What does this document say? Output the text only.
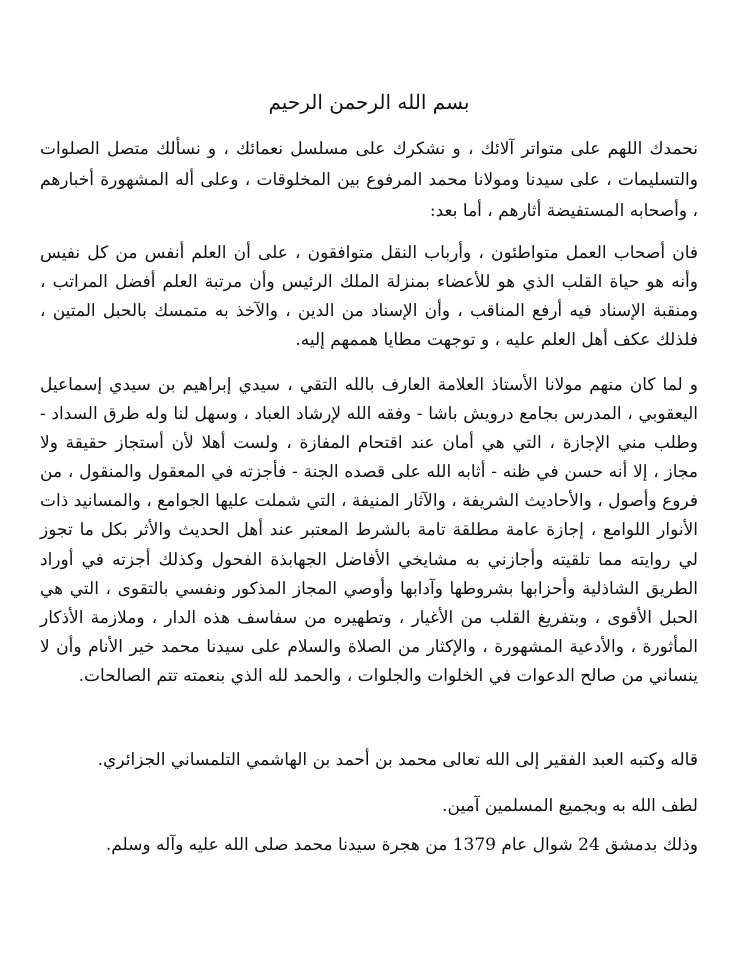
بسم الله الرحمن الرحيم
نحمدك اللهم على متواتر آلائك ، و نشكرك على مسلسل نعمائك ، و نسألك متصل الصلوات والتسليمات ، على سيدنا ومولانا محمد المرفوع بين المخلوقات ، وعلى أله المشهورة أخبارهم ، وأصحابه المستفيضة أثارهم ، أما بعد:
فان أصحاب العمل متواطئون ، وأرباب النقل متوافقون ، على أن العلم أنفس من كل نفيس وأنه هو حياة القلب الذي هو للأعضاء بمنزلة الملك الرئيس وأن مرتبة العلم أفضل المراتب ، ومنقبة الإسناد فيه أرفع المناقب ، وأن الإسناد من الدين ، والآخذ به متمسك بالحبل المتين ، فلذلك عكف أهل العلم عليه ، و توجهت مطايا هممهم إليه.
و لما كان منهم مولانا الأستاذ العلامة العارف بالله التقي ، سيدي إبراهيم بن سيدي إسماعيل اليعقوبي ، المدرس بجامع درويش باشا - وفقه الله لإرشاد العباد ، وسهل لنا وله طرق السداد - وطلب مني الإجازة ، التي هي أمان عند اقتحام المفازة ، ولست أهلا لأن أستجاز حقيقة ولا مجاز ، إلا أنه حسن في ظنه - أثابه الله على قصده الجنة - فأجزته في المعقول والمنقول ، من فروع وأصول ، والأحاديث الشريفة ، والآثار المنيفة ، التي شملت عليها الجوامع ، والمسانيد ذات الأنوار اللوامع ، إجازة عامة مطلقة تامة بالشرط المعتبر عند أهل الحديث والأثر بكل ما تجوز لي روايته مما تلقيته وأجازني به مشايخي الأفاضل الجهابذة الفحول وكذلك أجزته في أوراد الطريق الشاذلية وأحزابها بشروطها وآدابها وأوصي المجاز المذكور ونفسي بالتقوى ، التي هي الحبل الأقوى ، وبتفريغ القلب من الأغيار ، وتطهيره من سفاسف هذه الدار ، وملازمة الأذكار المأثورة ، والأدعية المشهورة ، والإكثار من الصلاة والسلام على سيدنا محمد خير الأنام وأن لا ينساني من صالح الدعوات في الخلوات والجلوات ، والحمد لله الذي بنعمته تتم الصالحات.
قاله وكتبه العبد الفقير إلى الله تعالى محمد بن أحمد بن الهاشمي التلمساني الجزائري.
لطف الله به وبجميع المسلمين آمين.
وذلك بدمشق 24 شوال عام 1379 من هجرة سيدنا محمد صلى الله عليه وآله وسلم.
